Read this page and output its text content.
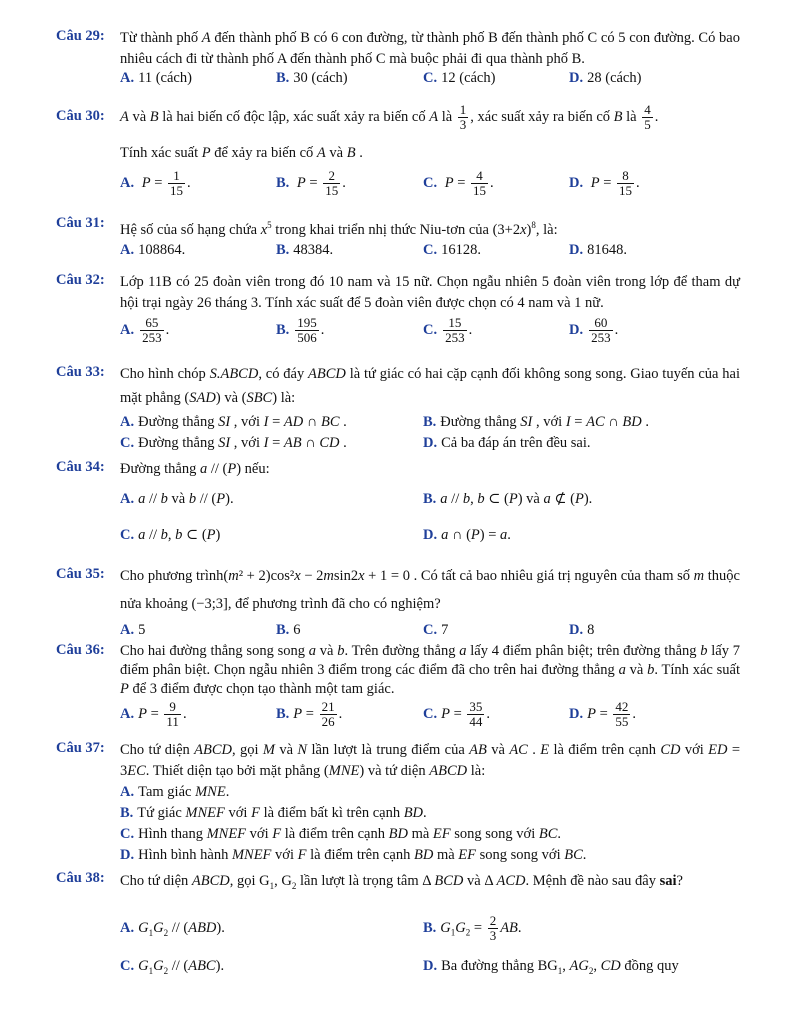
Câu 29: Từ thành phố A đến thành phố B có 6 con đường, từ thành phố B đến thành phố C có 5 con đường. Có bao nhiêu cách đi từ thành phố A đến thành phố C mà buộc phải đi qua thành phố B.
A. 11 (cách)	B. 30 (cách)	C. 12 (cách)	D. 28 (cách)
Câu 30: A và B là hai biến cố độc lập, xác suất xảy ra biến cố A là $\frac{1}{3}$ , xác suất xảy ra biến cố B là $\frac{4}{5}$ .
Tính xác suất P để xảy ra biến cố A và B .
A. $P = \frac{1}{15}$ .	B. $P = \frac{2}{15}$ .	C. $P = \frac{4}{15}$ .	D. $P = \frac{8}{15}$ .
Câu 31: Hệ số của số hạng chứa $x^5$ trong khai triển nhị thức Niu-tơn của $(3+2x)^8$, là:
A. 108864.	B. 48384.	C. 16128.	D. 81648.
Câu 32: Lớp 11B có 25 đoàn viên trong đó 10 nam và 15 nữ. Chọn ngẫu nhiên 5 đoàn viên trong lớp để tham dự hội trại ngày 26 tháng 3. Tính xác suất để 5 đoàn viên được chọn có 4 nam và 1 nữ.
A. $\frac{65}{253}$ .	B. $\frac{195}{506}$ .	C. $\frac{15}{253}$ .	D. $\frac{60}{253}$ .
Câu 33: Cho hình chóp S.ABCD, có đáy ABCD là tứ giác có hai cặp cạnh đối không song song. Giao tuyến của hai mặt phẳng (SAD) và (SBC) là:
A. Đường thẳng SI , với I = AD ∩ BC .	B. Đường thẳng SI , với I = AC ∩ BD .
C. Đường thẳng SI , với I = AB ∩ CD .	D. Cả ba đáp án trên đều sai.
Câu 34: Đường thẳng a // (P) nếu:
A. a // b và b // (P).	B. a // b, b ⊂ (P) và a ⊄ (P).
C. a // b, b ⊂ (P)	D. a ∩ (P) = a.
Câu 35: Cho phương trình(m² + 2)cos²x − 2msin2x + 1 = 0 . Có tất cả bao nhiêu giá trị nguyên của tham số m thuộc nửa khoảng (−3;3], để phương trình đã cho có nghiệm?
A. 5	B. 6	C. 7	D. 8
Câu 36: Cho hai đường thẳng song song a và b. Trên đường thẳng a lấy 4 điểm phân biệt; trên đường thẳng b lấy 7 điểm phân biệt. Chọn ngẫu nhiên 3 điểm trong các điểm đã cho trên hai đường thẳng a và b. Tính xác suất P để 3 điểm được chọn tạo thành một tam giác.
A. $P = \frac{9}{11}$ .	B. $P = \frac{21}{26}$ .	C. $P = \frac{35}{44}$ .	D. $P = \frac{42}{55}$ .
Câu 37: Cho tứ diện ABCD, gọi M và N lần lượt là trung điểm của AB và AC . E là điểm trên cạnh CD với ED = 3EC. Thiết diện tạo bởi mặt phẳng (MNE) và tứ diện ABCD là:
A. Tam giác MNE.
B. Tứ giác MNEF với F là điểm bất kì trên cạnh BD.
C. Hình thang MNEF với F là điểm trên cạnh BD mà EF song song với BC.
D. Hình bình hành MNEF với F là điểm trên cạnh BD mà EF song song với BC.
Câu 38: Cho tứ diện ABCD, gọi $G_1$, $G_2$ lần lượt là trọng tâm Δ BCD và Δ ACD. Mệnh đề nào sau đây sai?
A. $G_1G_2 // (ABD)$.	B. $G_1G_2 = \frac{2}{3}$ AB.
C. $G_1G_2 // (ABC)$.	D. Ba đường thẳng $BG_1$, $AG_2$, CD đồng quy
